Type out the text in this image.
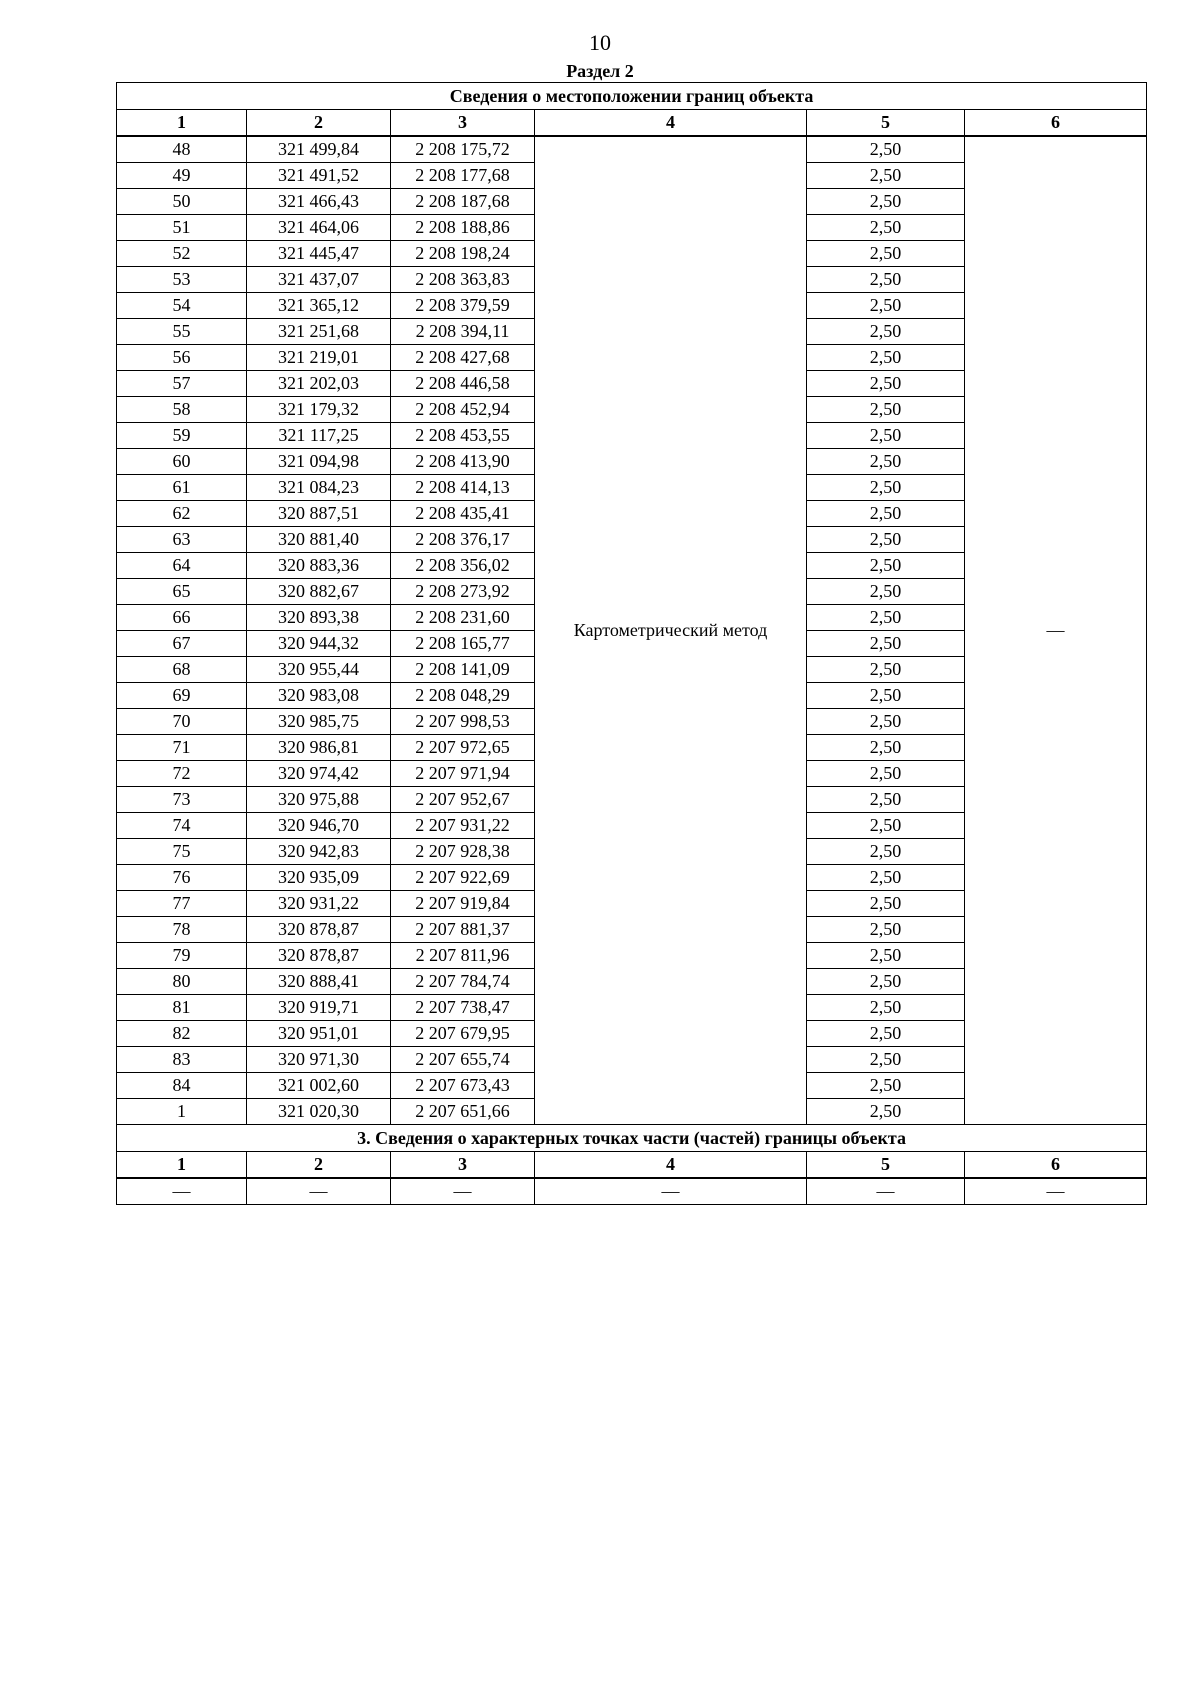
10
Раздел 2
Сведения о местоположении границ объекта					
1	2	3	4	5	6
48	321 499,84	2 208 175,72	Картометрический метод	2,50	—
49	321 491,52	2 208 177,68		2,50	
50	321 466,43	2 208 187,68		2,50	
51	321 464,06	2 208 188,86		2,50	
52	321 445,47	2 208 198,24		2,50	
53	321 437,07	2 208 363,83		2,50	
54	321 365,12	2 208 379,59		2,50	
55	321 251,68	2 208 394,11		2,50	
56	321 219,01	2 208 427,68		2,50	
57	321 202,03	2 208 446,58		2,50	
58	321 179,32	2 208 452,94		2,50	
59	321 117,25	2 208 453,55		2,50	
60	321 094,98	2 208 413,90		2,50	
61	321 084,23	2 208 414,13		2,50	
62	320 887,51	2 208 435,41		2,50	
63	320 881,40	2 208 376,17		2,50	
64	320 883,36	2 208 356,02		2,50	
65	320 882,67	2 208 273,92		2,50	
66	320 893,38	2 208 231,60		2,50	
67	320 944,32	2 208 165,77		2,50	
68	320 955,44	2 208 141,09		2,50	
69	320 983,08	2 208 048,29		2,50	
70	320 985,75	2 207 998,53		2,50	
71	320 986,81	2 207 972,65		2,50	
72	320 974,42	2 207 971,94		2,50	
73	320 975,88	2 207 952,67		2,50	
74	320 946,70	2 207 931,22		2,50	
75	320 942,83	2 207 928,38		2,50	
76	320 935,09	2 207 922,69		2,50	
77	320 931,22	2 207 919,84		2,50	
78	320 878,87	2 207 881,37		2,50	
79	320 878,87	2 207 811,96		2,50	
80	320 888,41	2 207 784,74		2,50	
81	320 919,71	2 207 738,47		2,50	
82	320 951,01	2 207 679,95		2,50	
83	320 971,30	2 207 655,74		2,50	
84	321 002,60	2 207 673,43		2,50	
1	321 020,30	2 207 651,66		2,50	
3. Сведения о характерных точках части (частей) границы объекта					
1	2	3	4	5	6
—	—	—	—	—	—
